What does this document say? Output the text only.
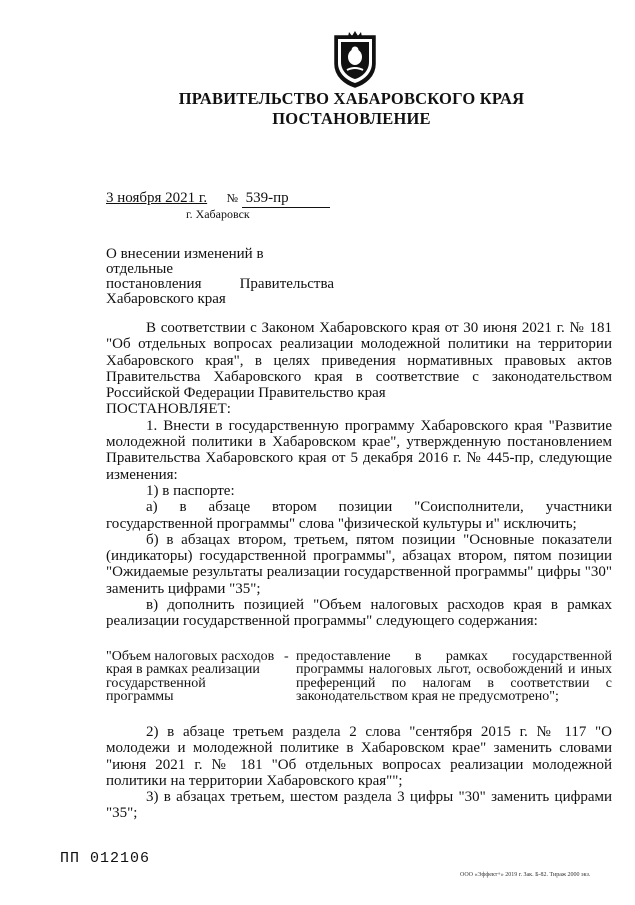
ПРАВИТЕЛЬСТВО ХАБАРОВСКОГО КРАЯ
ПОСТАНОВЛЕНИЕ
3 ноября 2021 г. № 539-пр
г. Хабаровск
О внесении изменений в отдельные
постановления Правительства
Хабаровского края

В соответствии с Законом Хабаровского края от 30 июня 2021 г. № 181 "Об отдельных вопросах реализации молодежной политики на территории Хабаровского края", в целях приведения нормативных правовых актов Правительства Хабаровского края в соответствие с законодательством Российской Федерации Правительство края

ПОСТАНОВЛЯЕТ:

1. Внести в государственную программу Хабаровского края "Развитие молодежной политики в Хабаровском крае", утвержденную постановлением Правительства Хабаровского края от 5 декабря 2016 г. № 445-пр, следующие изменения:

1) в паспорте:

а) в абзаце втором позиции "Соисполнители, участники государственной программы" слова "физической культуры и" исключить;

б) в абзацах втором, третьем, пятом позиции "Основные показатели (индикаторы) государственной программы", абзацах втором, пятом позиции "Ожидаемые результаты реализации государственной программы" цифры "30" заменить цифрами "35";

в) дополнить позицией "Объем налоговых расходов края в рамках реализации государственной программы" следующего содержания:

"Объем налоговых расходов края в рамках реализации государственной программы
- предоставление в рамках государственной программы налоговых льгот, освобождений и иных преференций по налогам в соответствии с законодательством края не предусмотрено";

2) в абзаце третьем раздела 2 слова "сентября 2015 г. № 117 "О молодежи и молодежной политике в Хабаровском крае" заменить словами "июня 2021 г. № 181 "Об отдельных вопросах реализации молодежной политики на территории Хабаровского края"";

3) в абзацах третьем, шестом раздела 3 цифры "30" заменить цифрами "35";

ПП 012106
ООО «Эффект+» 2019 г. Зак. Б-82. Тираж 2000 экз.
